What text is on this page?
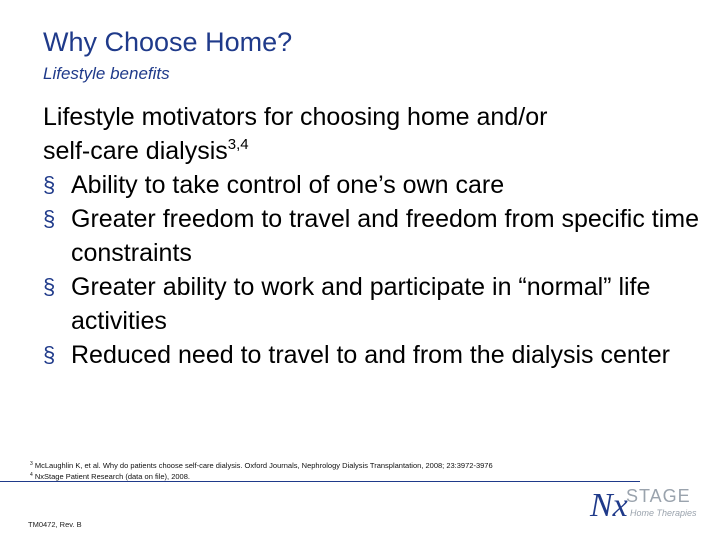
Why Choose Home?
Lifestyle benefits
Lifestyle motivators for choosing home and/or
self-care dialysis$^{3,4}$
§ Ability to take control of one’s own care
§ Greater freedom to travel and freedom from specific time constraints
§ Greater ability to work and participate in “normal” life activities
§ Reduced need to travel to and from the dialysis center
$^3$ McLaughlin K, et al. Why do patients choose self-care dialysis. Oxford Journals, Nephrology Dialysis Transplantation, 2008; 23:3972-3976
$^4$ NxStage Patient Research (data on file), 2008.
TM0472, Rev. B
Nx
STAGE
Home Therapies
